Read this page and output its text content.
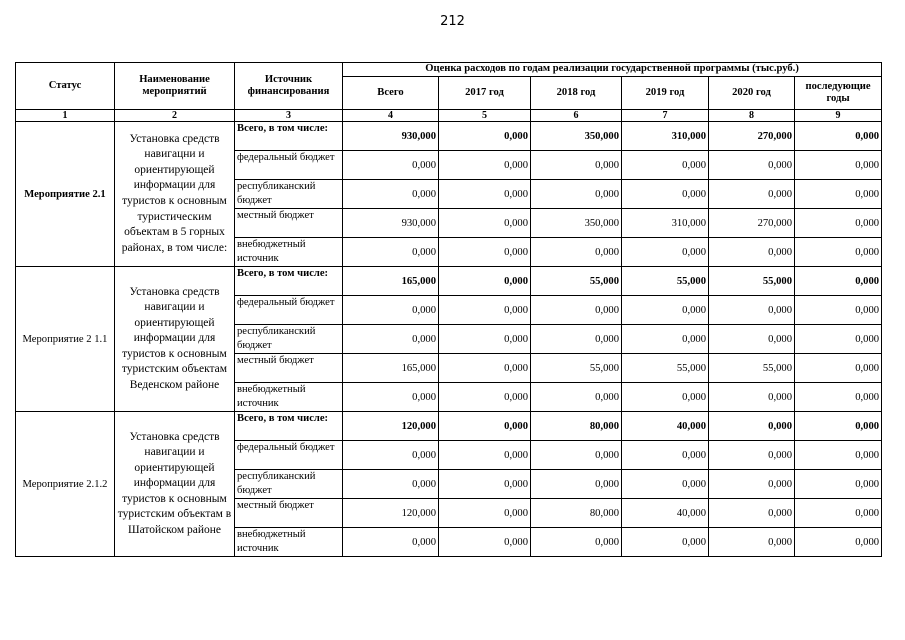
212
Статус	Наименование мероприятий	Источник финансирования	Оценка расходов по годам реализации государственной программы (тыс.руб.)					
			Всего	2017 год	2018 год	2019 год	2020 год	последующие годы
1	2	3	4	5	6	7	8	9
Мероприятие 2.1	Установка средств навигацни и ориентирующей информации для туристов к основным туристическим объектам в 5 горных районах, в том числе:	Всего, в том числе:	930,000	0,000	350,000	310,000	270,000	0,000
		федеральный бюджет	0,000	0,000	0,000	0,000	0,000	0,000
		республиканский бюджет	0,000	0,000	0,000	0,000	0,000	0,000
		местный бюджет	930,000	0,000	350,000	310,000	270,000	0,000
		внебюджетный источник	0,000	0,000	0,000	0,000	0,000	0,000
Мероприятие 2 1.1	Установка средств навигации и ориентирующей информации для туристов к основным туристским объектам Веденском районе	Всего, в том числе:	165,000	0,000	55,000	55,000	55,000	0,000
		федеральный бюджет	0,000	0,000	0,000	0,000	0,000	0,000
		республиканский бюджет	0,000	0,000	0,000	0,000	0,000	0,000
		местный бюджет	165,000	0,000	55,000	55,000	55,000	0,000
		внебюджетный источник	0,000	0,000	0,000	0,000	0,000	0,000
Мероприятие 2.1.2	Установка средств навигации и ориентирующей информации для туристов к основным туристским объектам в Шатойском районе	Всего, в том числе:	120,000	0,000	80,000	40,000	0,000	0,000
		федеральный бюджет	0,000	0,000	0,000	0,000	0,000	0,000
		республиканский бюджет	0,000	0,000	0,000	0,000	0,000	0,000
		местный бюджет	120,000	0,000	80,000	40,000	0,000	0,000
		внебюджетный источник	0,000	0,000	0,000	0,000	0,000	0,000
